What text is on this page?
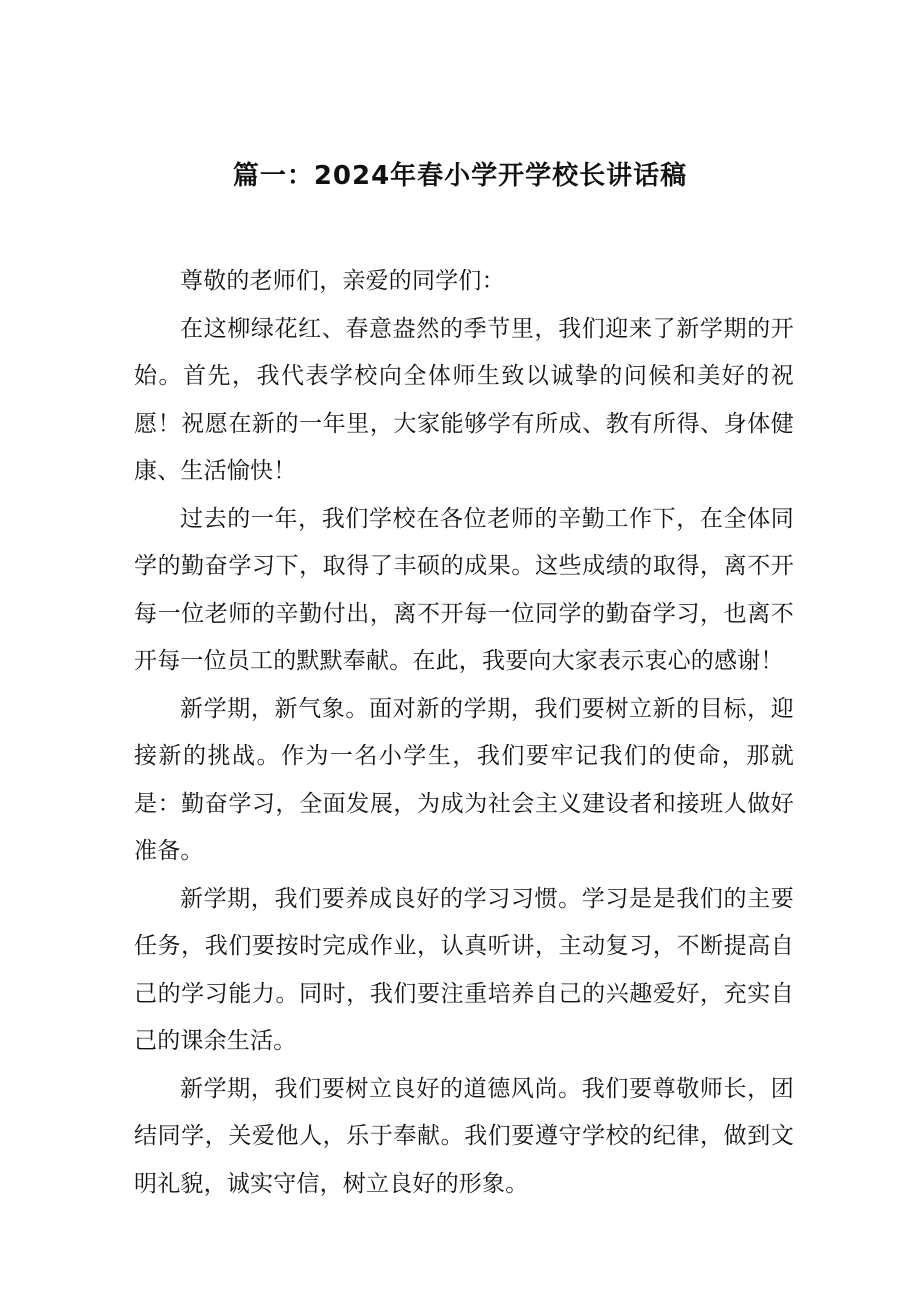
篇一：2024年春小学开学校长讲话稿

尊敬的老师们，亲爱的同学们：

在这柳绿花红、春意盎然的季节里，我们迎来了新学期的开始。首先，我代表学校向全体师生致以诚挚的问候和美好的祝愿！祝愿在新的一年里，大家能够学有所成、教有所得、身体健康、生活愉快！

过去的一年，我们学校在各位老师的辛勤工作下，在全体同学的勤奋学习下，取得了丰硕的成果。这些成绩的取得，离不开每一位老师的辛勤付出，离不开每一位同学的勤奋学习，也离不开每一位员工的默默奉献。在此，我要向大家表示衷心的感谢！

新学期，新气象。面对新的学期，我们要树立新的目标，迎接新的挑战。作为一名小学生，我们要牢记我们的使命，那就是：勤奋学习，全面发展，为成为社会主义建设者和接班人做好准备。

新学期，我们要养成良好的学习习惯。学习是是我们的主要任务，我们要按时完成作业，认真听讲，主动复习，不断提高自己的学习能力。同时，我们要注重培养自己的兴趣爱好，充实自己的课余生活。

新学期，我们要树立良好的道德风尚。我们要尊敬师长，团结同学，关爱他人，乐于奉献。我们要遵守学校的纪律，做到文明礼貌，诚实守信，树立良好的形象。
